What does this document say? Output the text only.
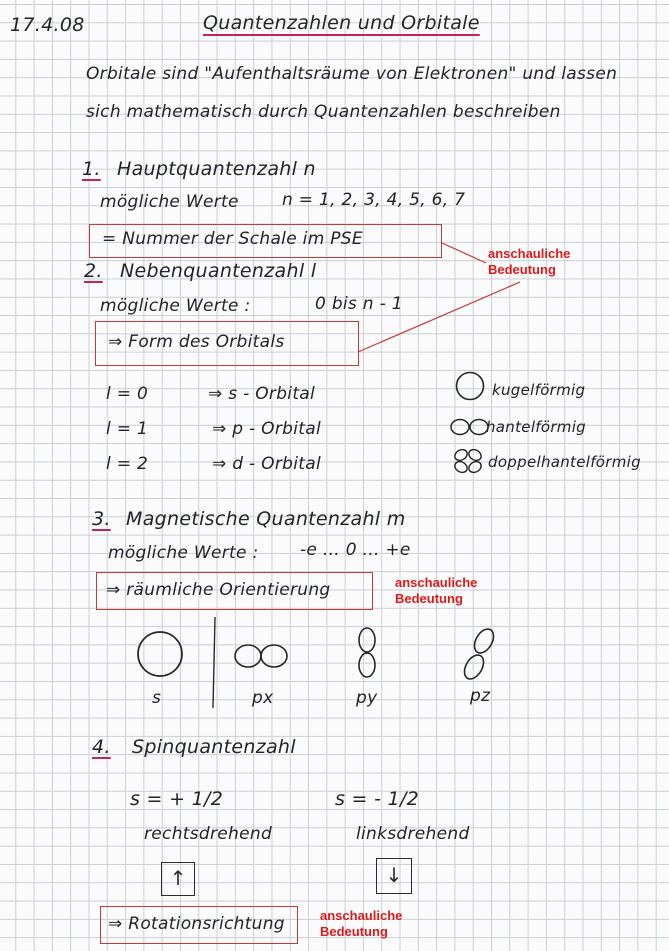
17.4.08	Quantenzahlen und Orbitale
Orbitale sind "Aufenthaltsräume von Elektronen" und lassen
sich mathematisch durch Quantenzahlen beschreiben
1. Hauptquantenzahl n
mögliche Werte	n = 1, 2, 3, 4, 5, 6, 7
= Nummer der Schale im PSE
anschauliche
Bedeutung
2. Nebenquantenzahl l
mögliche Werte :	0 bis n - 1
⇒ Form des Orbitals
l = 0	⇒ s - Orbital	kugelförmig
l = 1	⇒ p - Orbital	hantelförmig
l = 2	⇒ d - Orbital	doppelhantelförmig
3. Magnetische Quantenzahl m
mögliche Werte : -e ... 0 ... +e
⇒ räumliche Orientierung	anschauliche
Bedeutung
s	px	py	pz
4. Spinquantenzahl
s = + 1/2	s = - 1/2
rechtsdrehend	linksdrehend
↑	↓
⇒ Rotationsrichtung	anschauliche
Bedeutung
